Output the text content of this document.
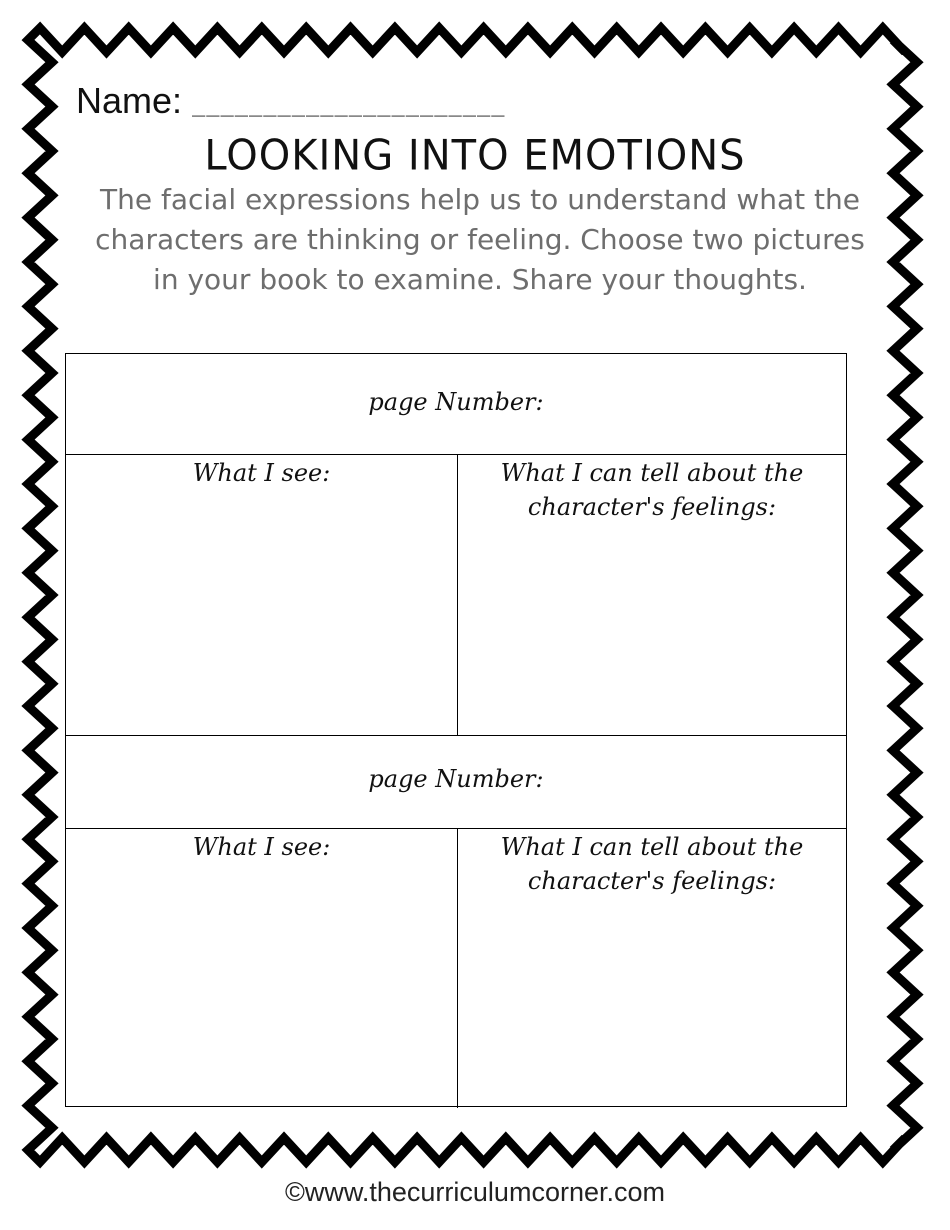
Name: ______________________
LOOKING INTO EMOTIONS

The facial expressions help us to understand what the characters are thinking or feeling. Choose two pictures in your book to examine. Share your thoughts.

page Number:
What I see:	What I can tell about the character's feelings:
page Number:
What I see:	What I can tell about the character's feelings:
©www.thecurriculumcorner.com
